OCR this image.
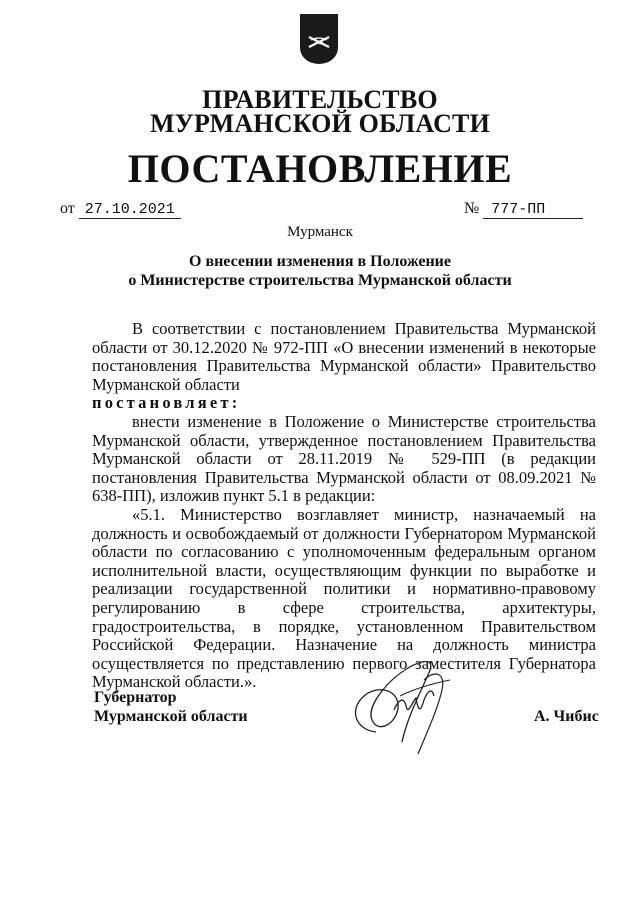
ПРАВИТЕЛЬСТВО
МУРМАНСКОЙ ОБЛАСТИ
ПОСТАНОВЛЕНИЕ
от 27.10.2021	№ 777-ПП
Мурманск
О внесении изменения в Положение
о Министерстве строительства Мурманской области

В соответствии с постановлением Правительства Мурманской области от 30.12.2020 № 972-ПП «О внесении изменений в некоторые постановления Правительства Мурманской области» Правительство Мурманской области

постановляет:

внести изменение в Положение о Министерстве строительства Мурманской области, утвержденное постановлением Правительства Мурманской области от 28.11.2019 № 529-ПП (в редакции постановления Правительства Мурманской области от 08.09.2021 № 638-ПП), изложив пункт 5.1 в редакции:

«5.1. Министерство возглавляет министр, назначаемый на должность и освобождаемый от должности Губернатором Мурманской области по согласованию с уполномоченным федеральным органом исполнительной власти, осуществляющим функции по выработке и реализации государственной политики и нормативно-правовому регулированию в сфере строительства, архитектуры, градостроительства, в порядке, установленном Правительством Российской Федерации. Назначение на должность министра осуществляется по представлению первого заместителя Губернатора Мурманской области.».

Губернатор
Мурманской области	А. Чибис
